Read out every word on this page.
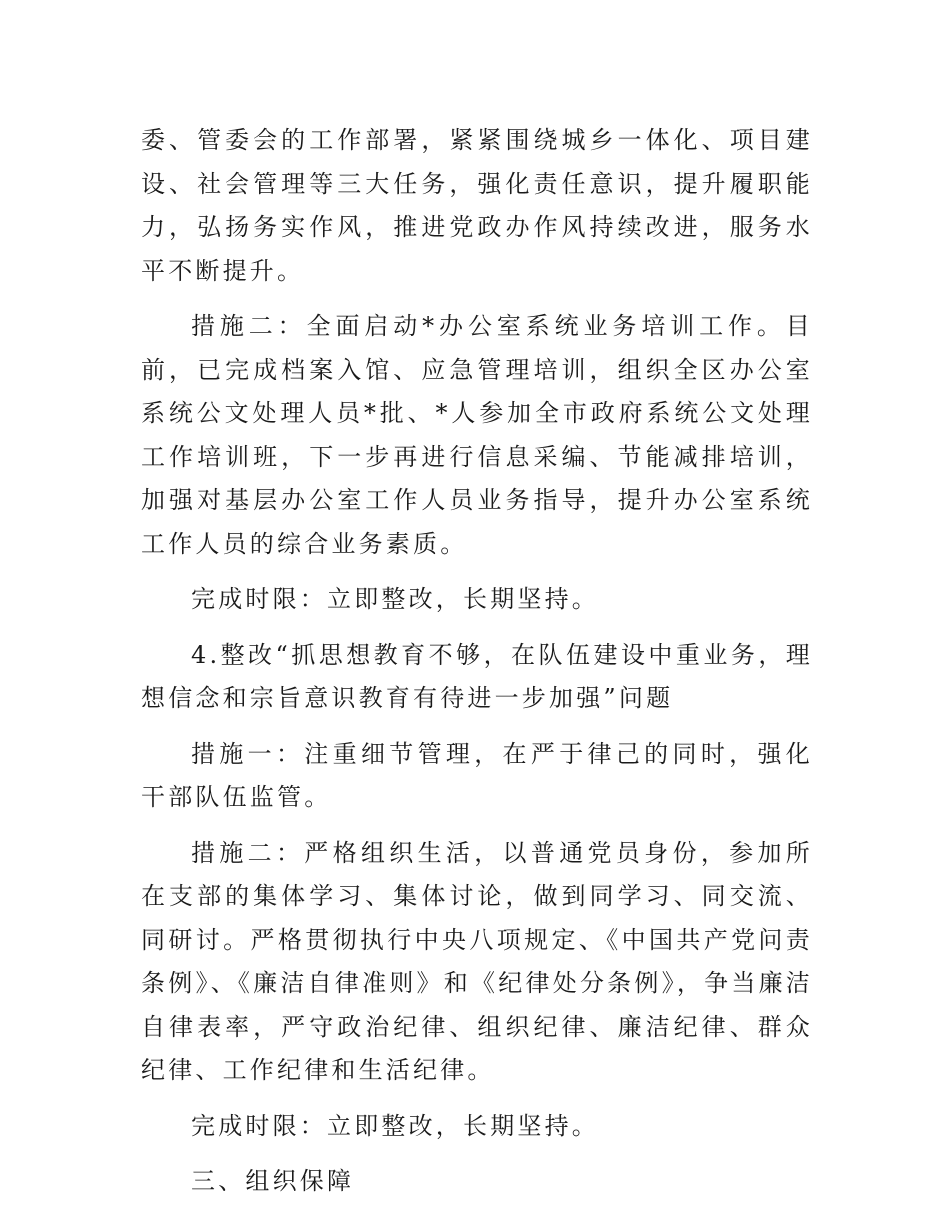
委、管委会的工作部署，紧紧围绕城乡一体化、项目建设、社会管理等三大任务，强化责任意识，提升履职能力，弘扬务实作风，推进党政办作风持续改进，服务水平不断提升。

措施二：全面启动*办公室系统业务培训工作。目前，已完成档案入馆、应急管理培训，组织全区办公室系统公文处理人员*批、*人参加全市政府系统公文处理工作培训班，下一步再进行信息采编、节能减排培训，加强对基层办公室工作人员业务指导，提升办公室系统工作人员的综合业务素质。

完成时限：立即整改，长期坚持。

4.整改“抓思想教育不够，在队伍建设中重业务，理想信念和宗旨意识教育有待进一步加强”问题

措施一：注重细节管理，在严于律己的同时，强化干部队伍监管。

措施二：严格组织生活，以普通党员身份，参加所在支部的集体学习、集体讨论，做到同学习、同交流、同研讨。严格贯彻执行中央八项规定、《中国共产党问责条例》、《廉洁自律准则》和《纪律处分条例》，争当廉洁自律表率，严守政治纪律、组织纪律、廉洁纪律、群众纪律、工作纪律和生活纪律。

完成时限：立即整改，长期坚持。

三、组织保障
